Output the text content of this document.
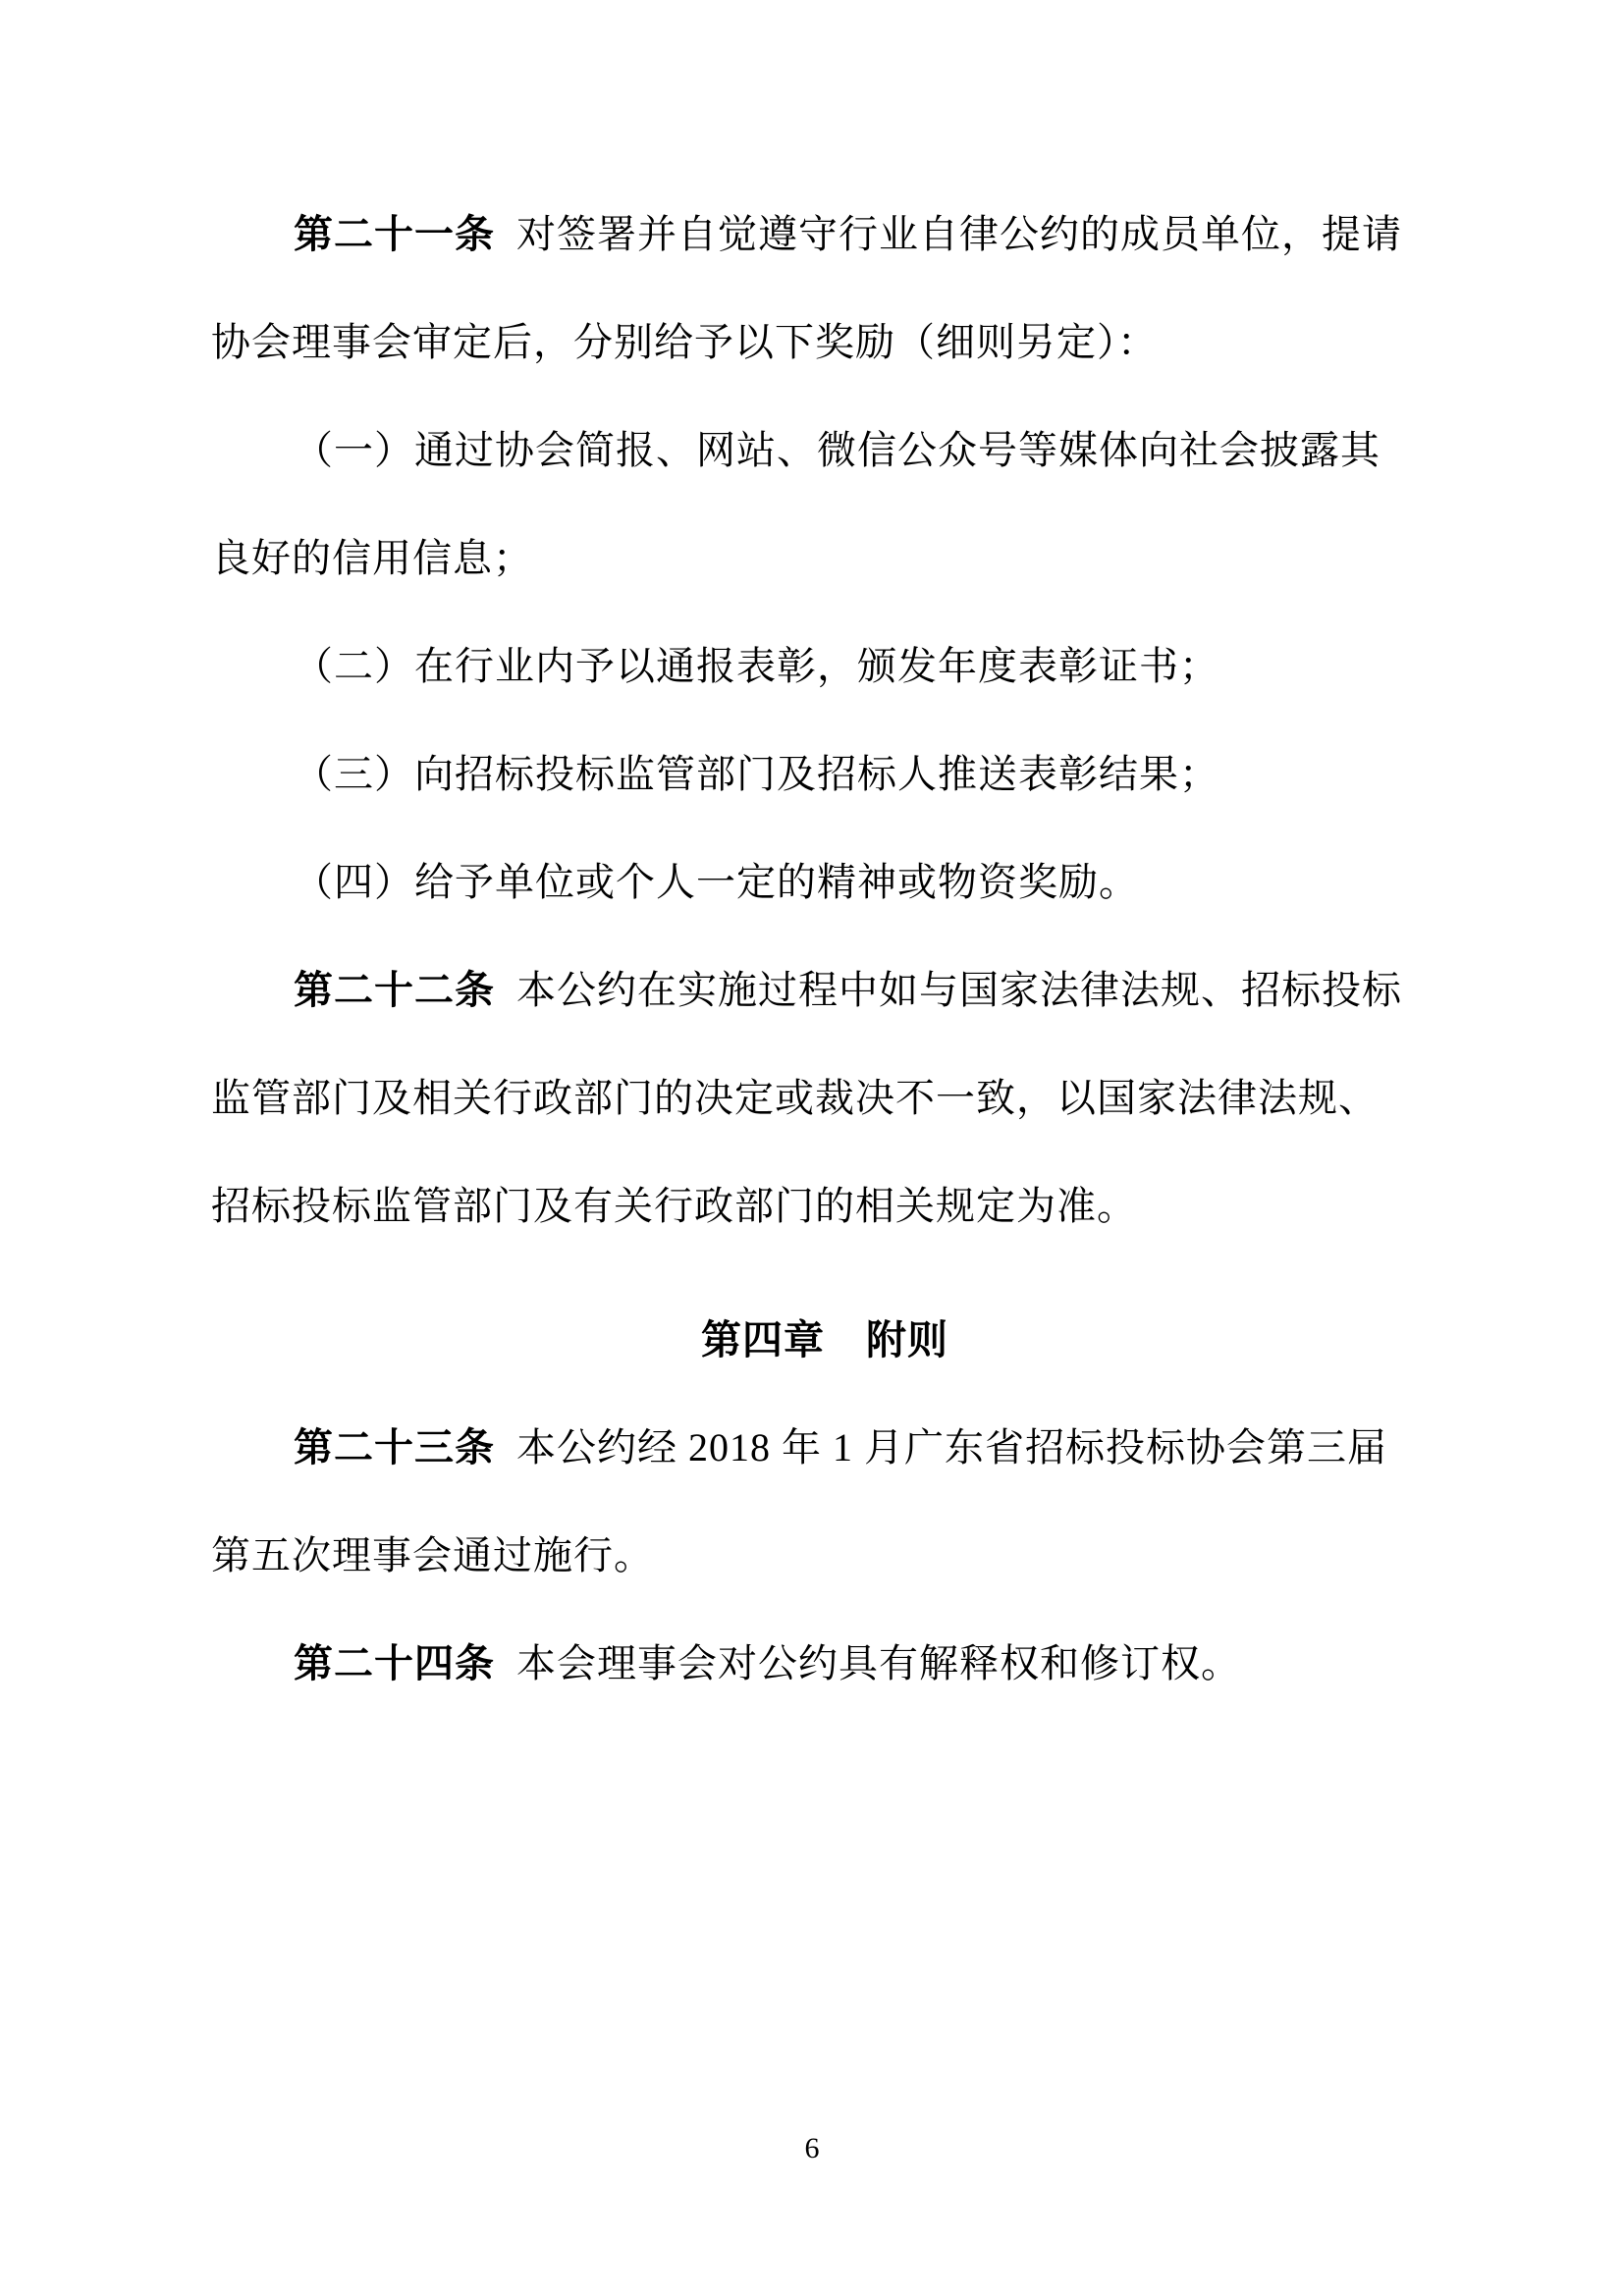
第二十一条 对签署并自觉遵守行业自律公约的成员单位，提请
协会理事会审定后，分别给予以下奖励（细则另定）：
（一）通过协会简报、网站、微信公众号等媒体向社会披露其
良好的信用信息；
（二）在行业内予以通报表彰，颁发年度表彰证书；
（三）向招标投标监管部门及招标人推送表彰结果；
（四）给予单位或个人一定的精神或物资奖励。
第二十二条 本公约在实施过程中如与国家法律法规、招标投标
监管部门及相关行政部门的决定或裁决不一致，以国家法律法规、
招标投标监管部门及有关行政部门的相关规定为准。
第四章　附则
第二十三条 本公约经 2018 年 1 月广东省招标投标协会第三届
第五次理事会通过施行。
第二十四条 本会理事会对公约具有解释权和修订权。
6
